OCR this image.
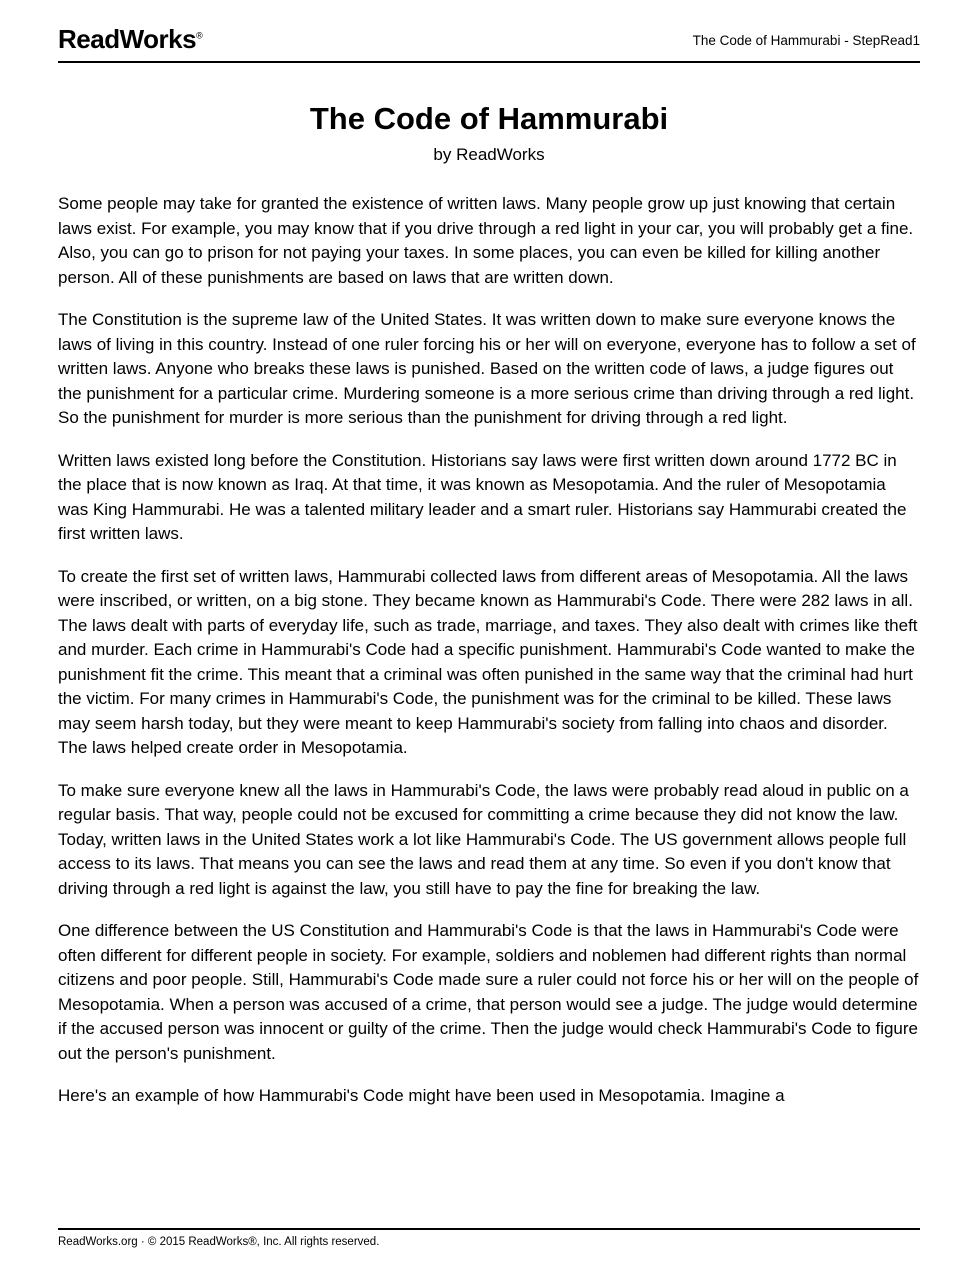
ReadWorks®	The Code of Hammurabi - StepRead1
The Code of Hammurabi
by ReadWorks

Some people may take for granted the existence of written laws. Many people grow up just knowing that certain laws exist. For example, you may know that if you drive through a red light in your car, you will probably get a fine. Also, you can go to prison for not paying your taxes. In some places, you can even be killed for killing another person. All of these punishments are based on laws that are written down.

The Constitution is the supreme law of the United States. It was written down to make sure everyone knows the laws of living in this country. Instead of one ruler forcing his or her will on everyone, everyone has to follow a set of written laws. Anyone who breaks these laws is punished. Based on the written code of laws, a judge figures out the punishment for a particular crime. Murdering someone is a more serious crime than driving through a red light. So the punishment for murder is more serious than the punishment for driving through a red light.

Written laws existed long before the Constitution. Historians say laws were first written down around 1772 BC in the place that is now known as Iraq. At that time, it was known as Mesopotamia. And the ruler of Mesopotamia was King Hammurabi. He was a talented military leader and a smart ruler. Historians say Hammurabi created the first written laws.

To create the first set of written laws, Hammurabi collected laws from different areas of Mesopotamia. All the laws were inscribed, or written, on a big stone. They became known as Hammurabi's Code. There were 282 laws in all. The laws dealt with parts of everyday life, such as trade, marriage, and taxes. They also dealt with crimes like theft and murder. Each crime in Hammurabi's Code had a specific punishment. Hammurabi's Code wanted to make the punishment fit the crime. This meant that a criminal was often punished in the same way that the criminal had hurt the victim. For many crimes in Hammurabi's Code, the punishment was for the criminal to be killed. These laws may seem harsh today, but they were meant to keep Hammurabi's society from falling into chaos and disorder. The laws helped create order in Mesopotamia.

To make sure everyone knew all the laws in Hammurabi's Code, the laws were probably read aloud in public on a regular basis. That way, people could not be excused for committing a crime because they did not know the law. Today, written laws in the United States work a lot like Hammurabi's Code. The US government allows people full access to its laws. That means you can see the laws and read them at any time. So even if you don't know that driving through a red light is against the law, you still have to pay the fine for breaking the law.

One difference between the US Constitution and Hammurabi's Code is that the laws in Hammurabi's Code were often different for different people in society. For example, soldiers and noblemen had different rights than normal citizens and poor people. Still, Hammurabi's Code made sure a ruler could not force his or her will on the people of Mesopotamia. When a person was accused of a crime, that person would see a judge. The judge would determine if the accused person was innocent or guilty of the crime. Then the judge would check Hammurabi's Code to figure out the person's punishment.

Here's an example of how Hammurabi's Code might have been used in Mesopotamia. Imagine a

ReadWorks.org · © 2015 ReadWorks®, Inc. All rights reserved.
